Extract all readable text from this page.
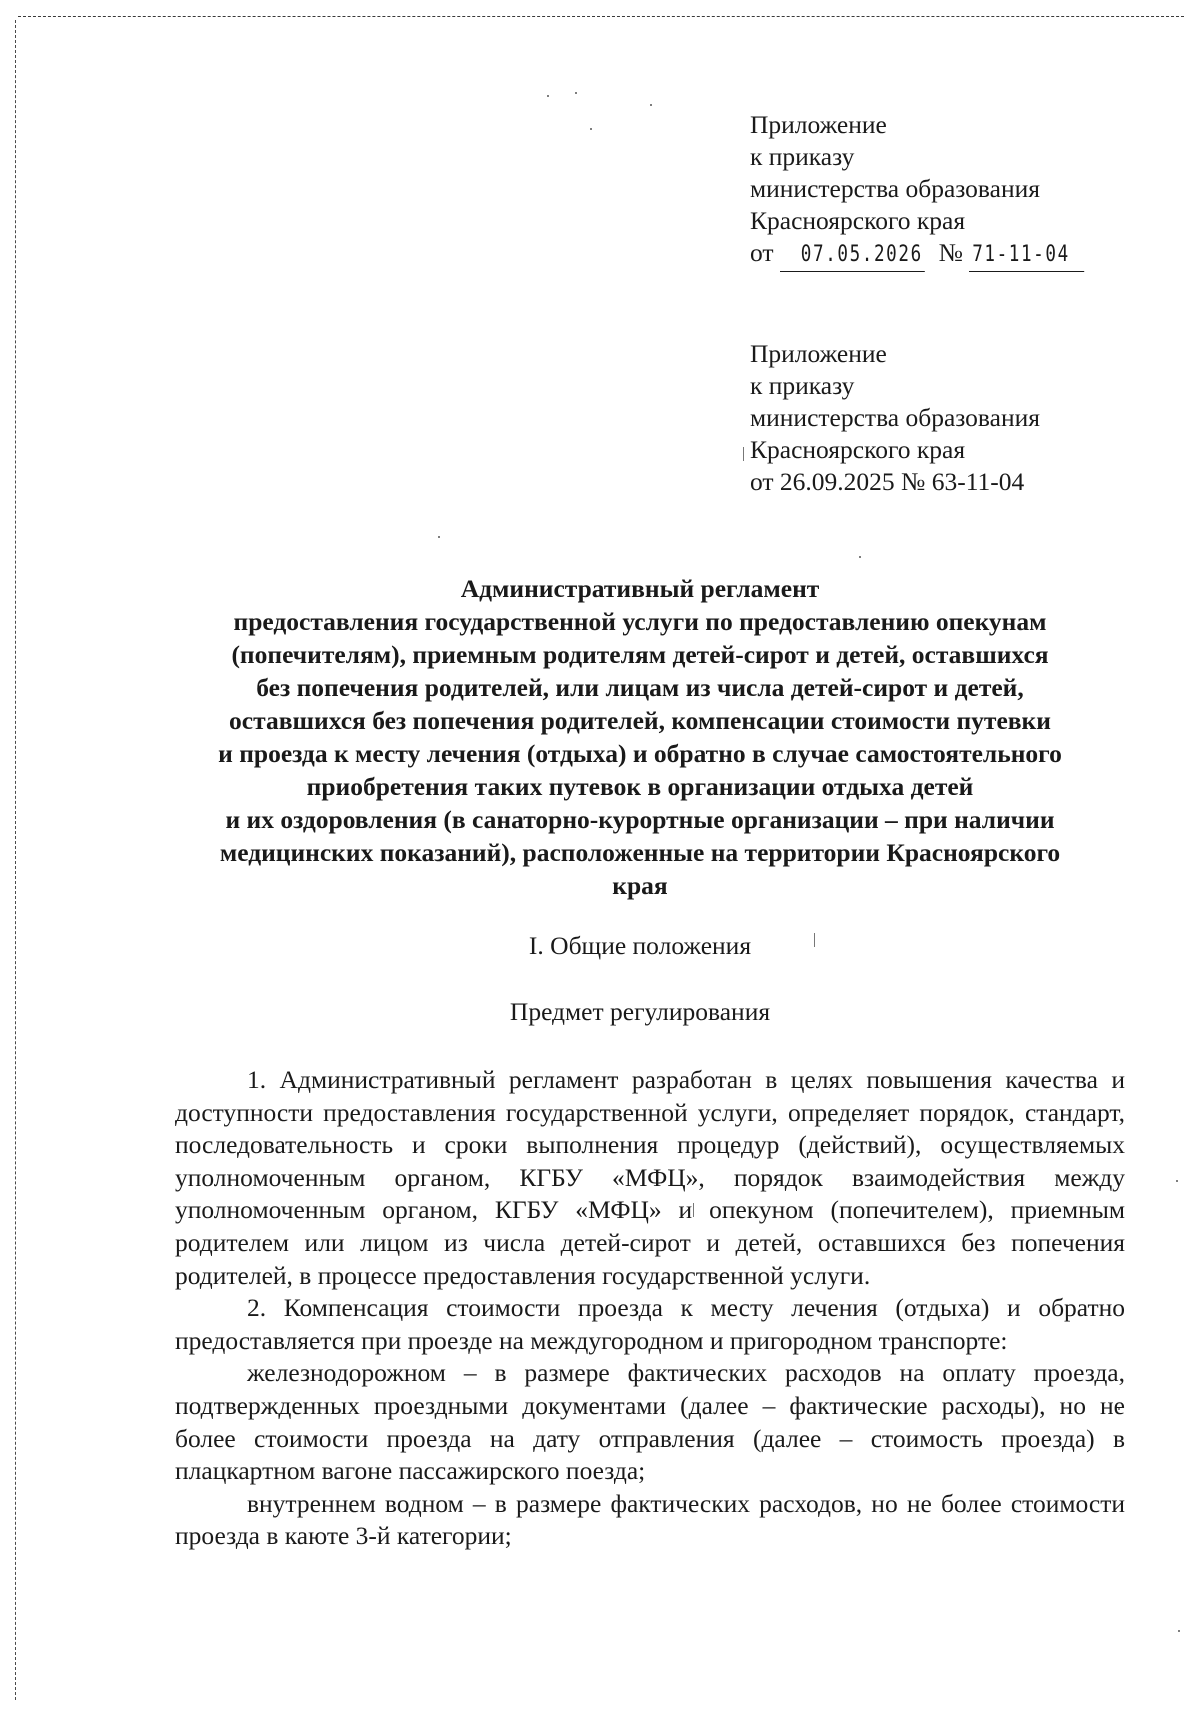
Приложение
к приказу
министерства образования
Красноярского края
от 07.05.2026 № 71-11-04
Приложение
к приказу
министерства образования
Красноярского края
от 26.09.2025 № 63-11-04
Административный регламент
предоставления государственной услуги по предоставлению опекунам
(попечителям), приемным родителям детей-сирот и детей, оставшихся
без попечения родителей, или лицам из числа детей-сирот и детей,
оставшихся без попечения родителей, компенсации стоимости путевки
и проезда к месту лечения (отдыха) и обратно в случае самостоятельного
приобретения таких путевок в организации отдыха детей
и их оздоровления (в санаторно-курортные организации – при наличии
медицинских показаний), расположенные на территории Красноярского
края
I. Общие положения
Предмет регулирования

1. Административный регламент разработан в целях повышения качества и доступности предоставления государственной услуги, определяет порядок, стандарт, последовательность и сроки выполнения процедур (действий), осуществляемых уполномоченным органом, КГБУ «МФЦ», порядок взаимодействия между уполномоченным органом, КГБУ «МФЦ» и опекуном (попечителем), приемным родителем или лицом из числа детей-сирот и детей, оставшихся без попечения родителей, в процессе предоставления государственной услуги.

2. Компенсация стоимости проезда к месту лечения (отдыха) и обратно предоставляется при проезде на междугородном и пригородном транспорте:

железнодорожном – в размере фактических расходов на оплату проезда, подтвержденных проездными документами (далее – фактические расходы), но не более стоимости проезда на дату отправления (далее – стоимость проезда) в плацкартном вагоне пассажирского поезда;

внутреннем водном – в размере фактических расходов, но не более стоимости проезда в каюте 3-й категории;
